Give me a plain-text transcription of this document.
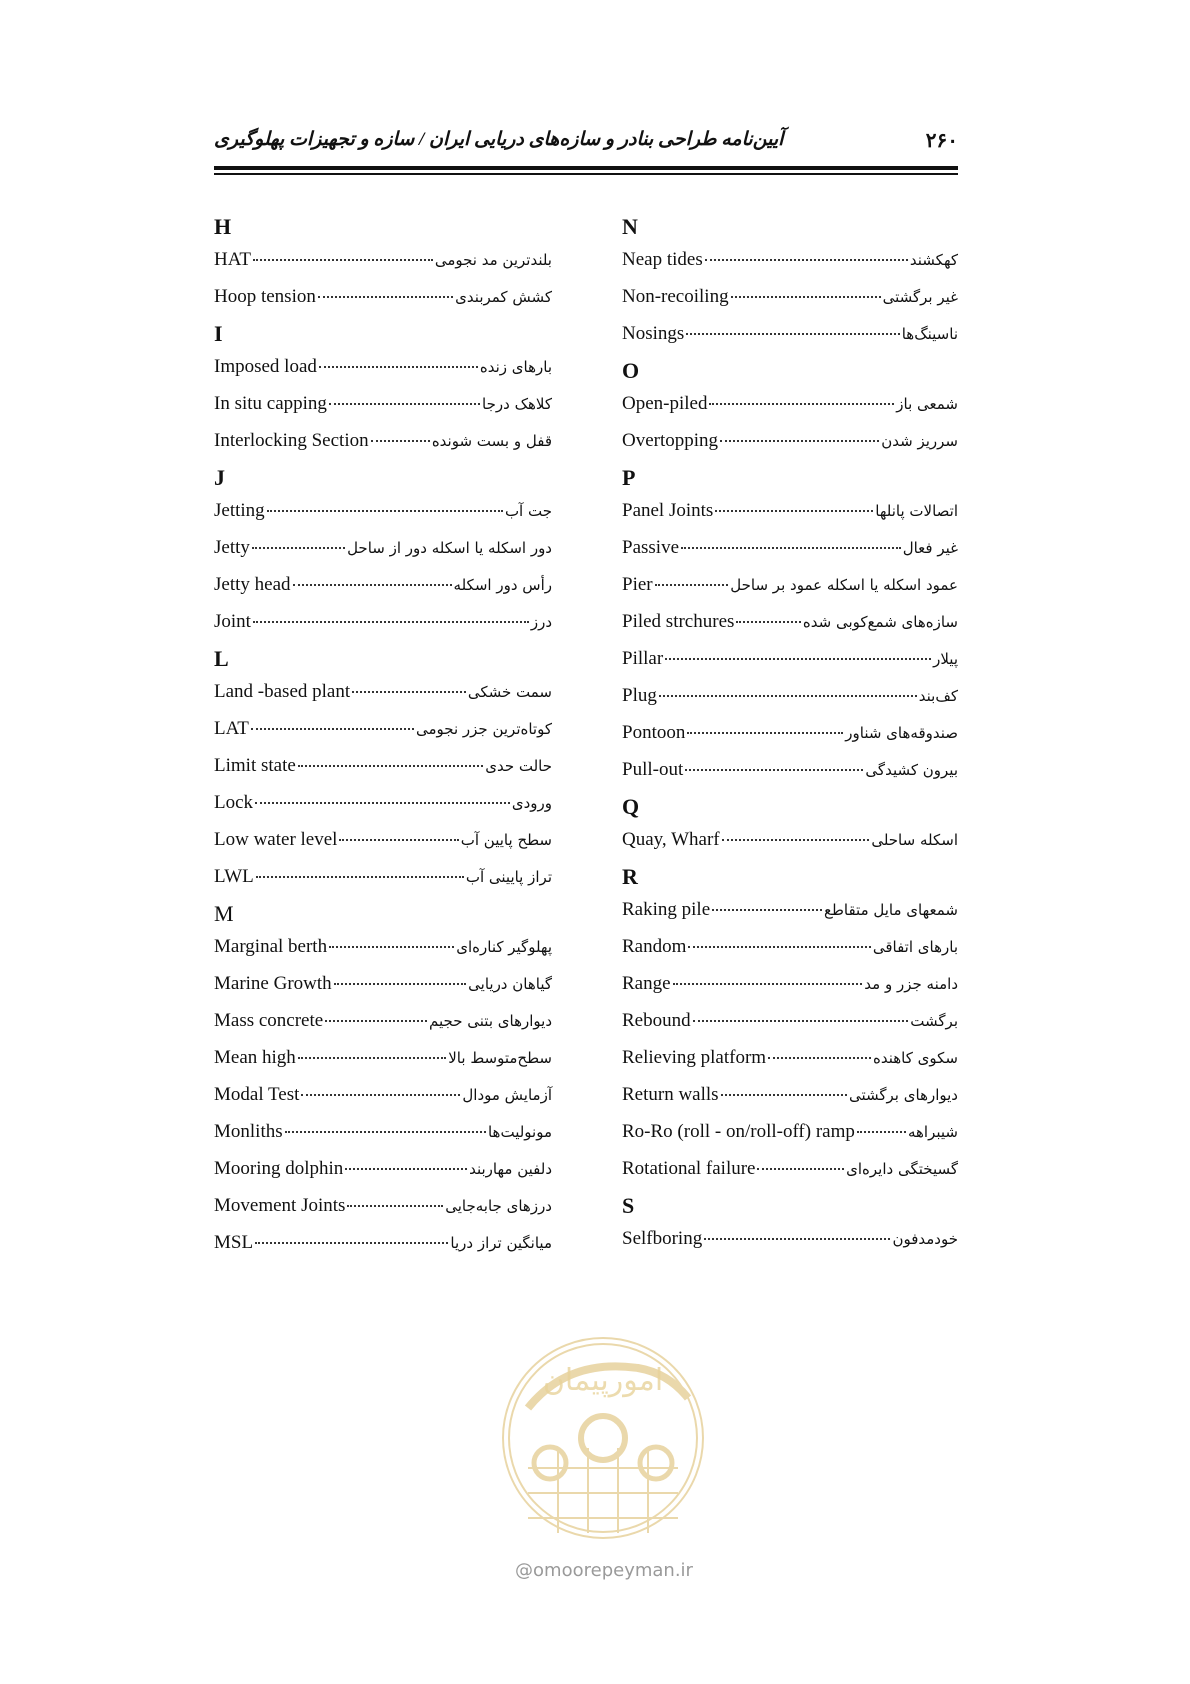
آیین‌نامه طراحی بنادر و سازه‌های دریایی ایران / سازه و تجهیزات پهلوگیری	۲۶۰
H
HAT	بلندترین مد نجومی
Hoop tension	کشش کمربندی
I
Imposed load	بارهای زنده
In situ capping	کلاهک درجا
Interlocking Section	قفل و بست شونده
J
Jetting	جت آب
Jetty	دور اسکله یا اسکله دور از ساحل
Jetty head	رأس دور اسکله
Joint	درز
L
Land -based plant	سمت خشکی
LAT	کوتاه‌ترین جزر نجومی
Limit state	حالت حدی
Lock	ورودی
Low water level	سطح پایین آب
LWL	تراز پایینی آب
M
Marginal berth	پهلوگیر کناره‌ای
Marine Growth	گیاهان دریایی
Mass concrete	دیوارهای بتنی حجیم
Mean high	سطح‌متوسط بالا
Modal Test	آزمایش مودال
Monliths	مونولیت‌ها
Mooring dolphin	دلفین مهاربند
Movement Joints	درزهای جابه‌جایی
MSL	میانگین تراز دریا
N
Neap tides	کهکشند
Non-recoiling	غیر برگشتی
Nosings	ناسینگ‌ها
O
Open-piled	شمعی باز
Overtopping	سرریز شدن
P
Panel Joints	اتصالات پانلها
Passive	غیر فعال
Pier	عمود اسکله یا اسکله عمود بر ساحل
Piled strchures	سازه‌های شمع‌کوبی شده
Pillar	پیلار
Plug	کف‌بند
Pontoon	صندوقه‌های شناور
Pull-out	بیرون کشیدگی
Q
Quay, Wharf	اسکله ساحلی
R
Raking pile	شمعهای مایل متقاطع
Random	بارهای اتفاقی
Range	دامنه جزر و مد
Rebound	برگشت
Relieving platform	سکوی کاهنده
Return walls	دیوارهای برگشتی
Ro-Ro (roll - on/roll-off) ramp	شیبراهه
Rotational failure	گسیختگی دایره‌ای
S
Selfboring	خودمدفون
امورپیمان
@omoorepeyman.ir
